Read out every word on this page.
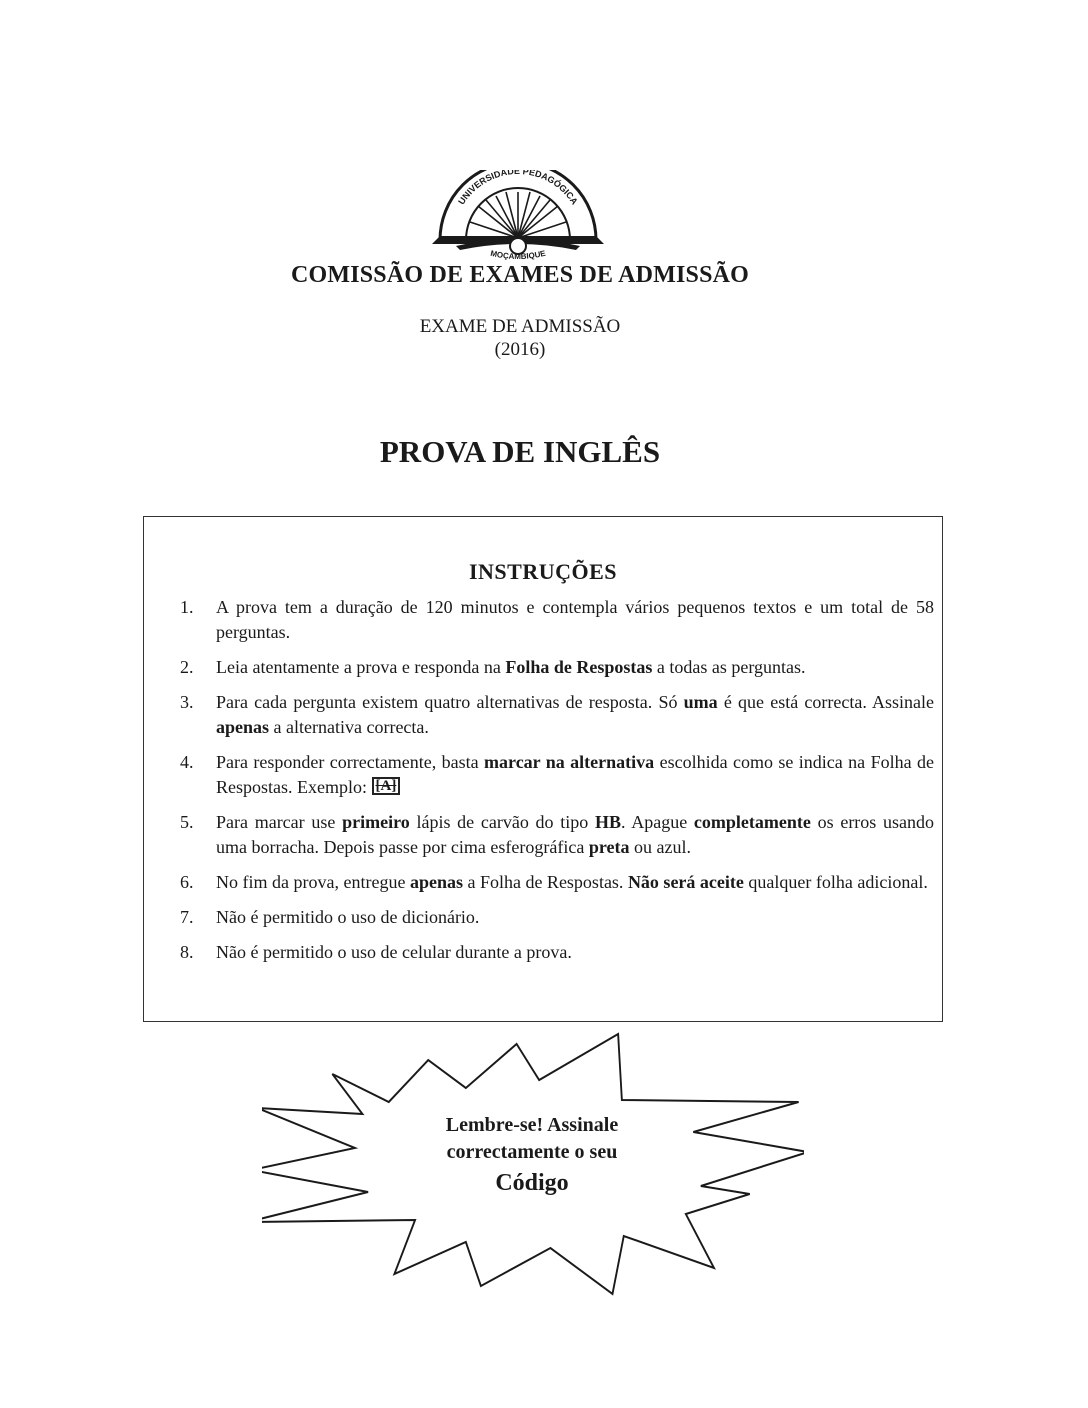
UNIVERSIDADE PEDAGÓGICA
MOÇAMBIQUE
COMISSÃO DE EXAMES DE ADMISSÃO
EXAME DE ADMISSÃO
(2016)
PROVA DE INGLÊS
INSTRUÇÕES
1. A prova tem a duração de 120 minutos e contempla vários pequenos textos e um total de 58 perguntas.
2. Leia atentamente a prova e responda na Folha de Respostas a todas as perguntas.
3. Para cada pergunta existem quatro alternativas de resposta. Só uma é que está correcta. Assinale apenas a alternativa correcta.
4. Para responder correctamente, basta marcar na alternativa escolhida como se indica na Folha de Respostas. Exemplo: [A]
5. Para marcar use primeiro lápis de carvão do tipo HB. Apague completamente os erros usando uma borracha. Depois passe por cima esferográfica preta ou azul.
6. No fim da prova, entregue apenas a Folha de Respostas. Não será aceite qualquer folha adicional.
7. Não é permitido o uso de dicionário.
8. Não é permitido o uso de celular durante a prova.
Lembre-se! Assinale
correctamente o seu
Código
